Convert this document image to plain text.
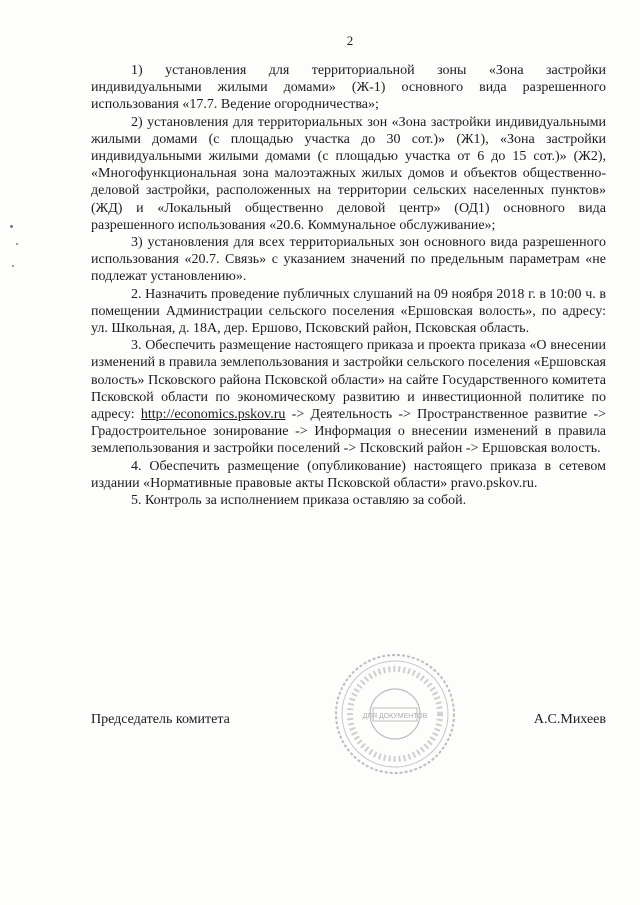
2

1) установления для территориальной зоны «Зона застройки индивидуальными жилыми домами» (Ж-1) основного вида разрешенного использования «17.7. Ведение огородничества»;

2) установления для территориальных зон «Зона застройки индивидуальными жилыми домами (с площадью участка до 30 сот.)» (Ж1), «Зона застройки индивидуальными жилыми домами (с площадью участка от 6 до 15 сот.)» (Ж2), «Многофункциональная зона малоэтажных жилых домов и объектов общественно-деловой застройки, расположенных на территории сельских населенных пунктов» (ЖД) и «Локальный общественно деловой центр» (ОД1) основного вида разрешенного использования «20.6. Коммунальное обслуживание»;

3) установления для всех территориальных зон основного вида разрешенного использования «20.7. Связь» с указанием значений по предельным параметрам «не подлежат установлению».

2. Назначить проведение публичных слушаний на 09 ноября 2018 г. в 10:00 ч. в помещении Администрации сельского поселения «Ершовская волость», по адресу: ул. Школьная, д. 18А, дер. Ершово, Псковский район, Псковская область.

3. Обеспечить размещение настоящего приказа и проекта приказа «О внесении изменений в правила землепользования и застройки сельского поселения «Ершовская волость» Псковского района Псковской области» на сайте Государственного комитета Псковской области по экономическому развитию и инвестиционной политике по адресу: http://economics.pskov.ru -> Деятельность -> Пространственное развитие -> Градостроительное зонирование -> Информация о внесении изменений в правила землепользования и застройки поселений -> Псковский район -> Ершовская волость.

4. Обеспечить размещение (опубликование) настоящего приказа в сетевом издании «Нормативные правовые акты Псковской области» pravo.pskov.ru.

5. Контроль за исполнением приказа оставляю за собой.

ДЛЯ ДОКУМЕНТОВ
Председатель комитета	А.С.Михеев
